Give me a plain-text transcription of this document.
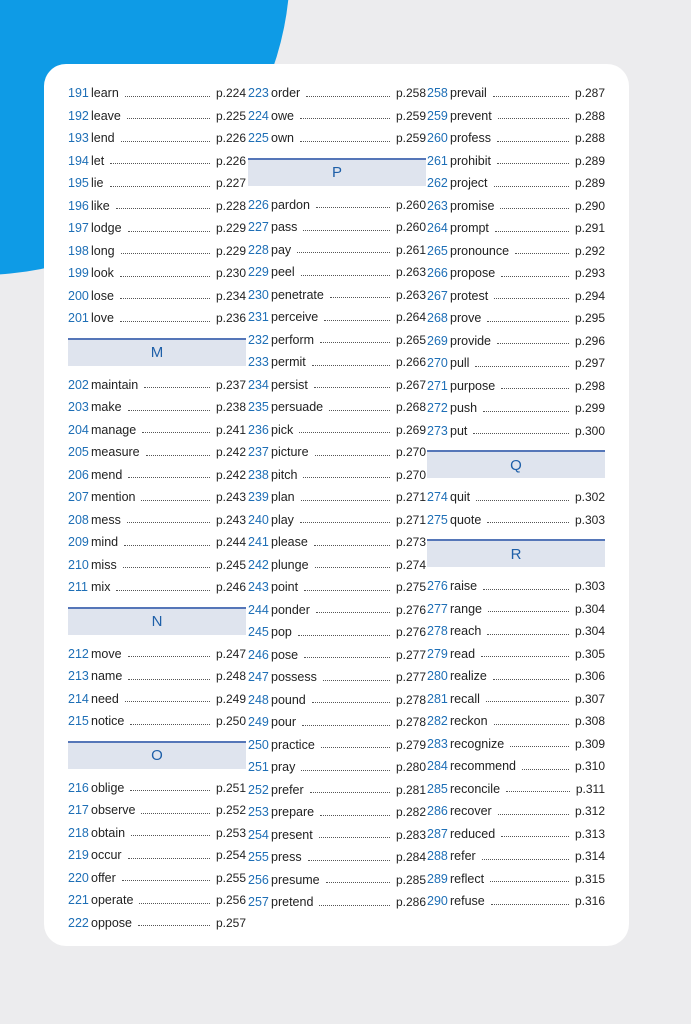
191 learn	p.224
192 leave	p.225
193 lend	p.226
194 let	p.226
195 lie	p.227
196 like	p.228
197 lodge	p.229
198 long	p.229
199 look	p.230
200 lose	p.234
201 love	p.236
M
202 maintain	p.237
203 make	p.238
204 manage	p.241
205 measure	p.242
206 mend	p.242
207 mention	p.243
208 mess	p.243
209 mind	p.244
210 miss	p.245
211 mix	p.246
N
212 move	p.247
213 name	p.248
214 need	p.249
215 notice	p.250
O
216 oblige	p.251
217 observe	p.252
218 obtain	p.253
219 occur	p.254
220 offer	p.255
221 operate	p.256
222 oppose	p.257
223 order	p.258
224 owe	p.259
225 own	p.259
P
226 pardon	p.260
227 pass	p.260
228 pay	p.261
229 peel	p.263
230 penetrate	p.263
231 perceive	p.264
232 perform	p.265
233 permit	p.266
234 persist	p.267
235 persuade	p.268
236 pick	p.269
237 picture	p.270
238 pitch	p.270
239 plan	p.271
240 play	p.271
241 please	p.273
242 plunge	p.274
243 point	p.275
244 ponder	p.276
245 pop	p.276
246 pose	p.277
247 possess	p.277
248 pound	p.278
249 pour	p.278
250 practice	p.279
251 pray	p.280
252 prefer	p.281
253 prepare	p.282
254 present	p.283
255 press	p.284
256 presume	p.285
257 pretend	p.286
258 prevail	p.287
259 prevent	p.288
260 profess	p.288
261 prohibit	p.289
262 project	p.289
263 promise	p.290
264 prompt	p.291
265 pronounce	p.292
266 propose	p.293
267 protest	p.294
268 prove	p.295
269 provide	p.296
270 pull	p.297
271 purpose	p.298
272 push	p.299
273 put	p.300
Q
274 quit	p.302
275 quote	p.303
R
276 raise	p.303
277 range	p.304
278 reach	p.304
279 read	p.305
280 realize	p.306
281 recall	p.307
282 reckon	p.308
283 recognize	p.309
284 recommend	p.310
285 reconcile	p.311
286 recover	p.312
287 reduced	p.313
288 refer	p.314
289 reflect	p.315
290 refuse	p.316
